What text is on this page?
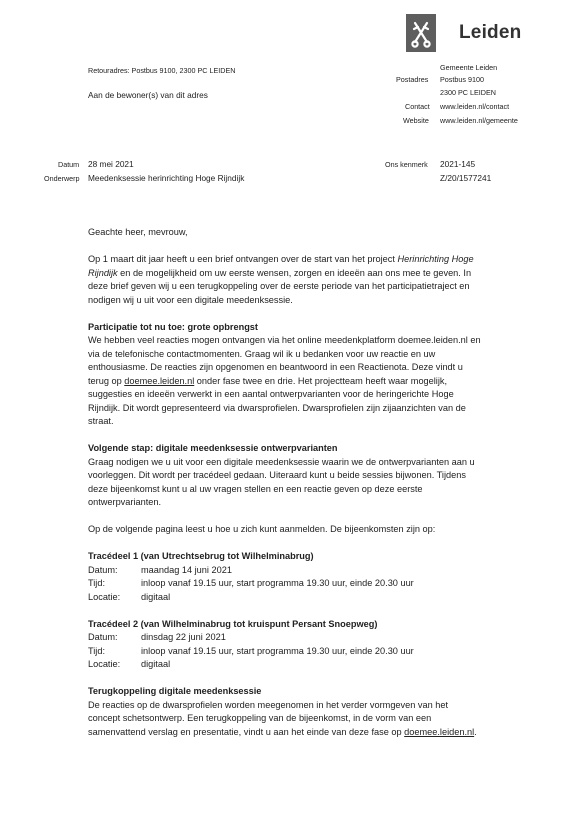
Leiden
Retouradres: Postbus 9100, 2300 PC LEIDEN
Aan de bewoner(s) van dit adres
Gemeente Leiden
Postadres Postbus 9100
2300 PC LEIDEN
Contact www.leiden.nl/contact
Website www.leiden.nl/gemeente
Datum 28 mei 2021
Onderwerp Meedenksessie herinrichting Hoge Rijndijk
Ons kenmerk 2021-145
Z/20/1577241
Geachte heer, mevrouw,
Op 1 maart dit jaar heeft u een brief ontvangen over de start van het project Herinrichting Hoge
Rijndijk en de mogelijkheid om uw eerste wensen, zorgen en ideeën aan ons mee te geven. In
deze brief geven wij u een terugkoppeling over de eerste periode van het participatietraject en
nodigen wij u uit voor een digitale meedenksessie.
Participatie tot nu toe: grote opbrengst
We hebben veel reacties mogen ontvangen via het online meedenkplatform doemee.leiden.nl en
via de telefonische contactmomenten. Graag wil ik u bedanken voor uw reactie en uw
enthousiasme. De reacties zijn opgenomen en beantwoord in een Reactienota. Deze vindt u
terug op doemee.leiden.nl onder fase twee en drie. Het projectteam heeft waar mogelijk,
suggesties en ideeën verwerkt in een aantal ontwerpvarianten voor de heringerichte Hoge
Rijndijk. Dit wordt gepresenteerd via dwarsprofielen. Dwarsprofielen zijn zijaanzichten van de
straat.
Volgende stap: digitale meedenksessie ontwerpvarianten
Graag nodigen we u uit voor een digitale meedenksessie waarin we de ontwerpvarianten aan u
voorleggen. Dit wordt per tracédeel gedaan. Uiteraard kunt u beide sessies bijwonen. Tijdens
deze bijeenkomst kunt u al uw vragen stellen en een reactie geven op deze eerste
ontwerpvarianten.
Op de volgende pagina leest u hoe u zich kunt aanmelden. De bijeenkomsten zijn op:
Tracédeel 1 (van Utrechtsebrug tot Wilhelminabrug)
Datum:	maandag 14 juni 2021
Tijd:	inloop vanaf 19.15 uur, start programma 19.30 uur, einde 20.30 uur
Locatie: digitaal
Tracédeel 2 (van Wilhelminabrug tot kruispunt Persant Snoepweg)
Datum:	dinsdag 22 juni 2021
Tijd:	inloop vanaf 19.15 uur, start programma 19.30 uur, einde 20.30 uur
Locatie: digitaal
Terugkoppeling digitale meedenksessie
De reacties op de dwarsprofielen worden meegenomen in het verder vormgeven van het
concept schetsontwerp. Een terugkoppeling van de bijeenkomst, in de vorm van een
samenvattend verslag en presentatie, vindt u aan het einde van deze fase op doemee.leiden.nl.
